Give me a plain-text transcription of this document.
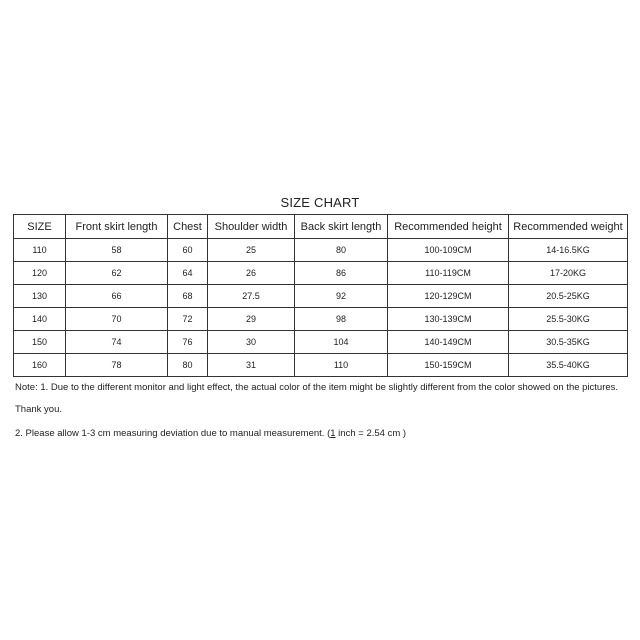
SIZE CHART
SIZE	Front skirt length	Chest	Shoulder width	Back skirt length	Recommended height	Recommended weight
110	58	60	25	80	100-109CM	14-16.5KG
120	62	64	26	86	110-119CM	17-20KG
130	66	68	27.5	92	120-129CM	20.5-25KG
140	70	72	29	98	130-139CM	25.5-30KG
150	74	76	30	104	140-149CM	30.5-35KG
160	78	80	31	110	150-159CM	35.5-40KG
Note: 1. Due to the different monitor and light effect, the actual color of the item might be slightly different from the color showed on the pictures.
Thank you.
2. Please allow 1-3 cm measuring deviation due to manual measurement. (1 inch = 2.54 cm )
